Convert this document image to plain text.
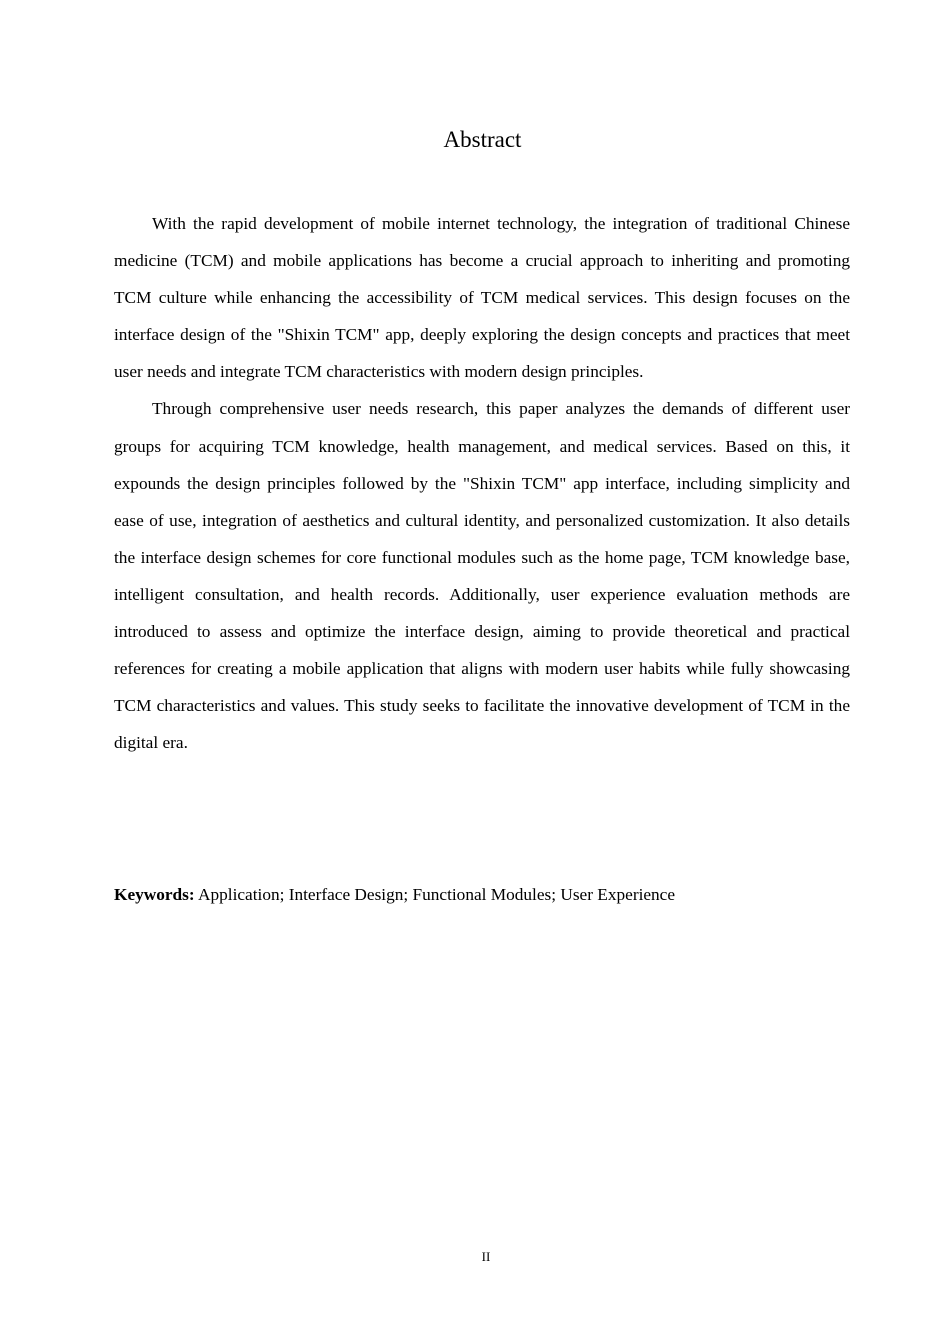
Abstract

With the rapid development of mobile internet technology, the integration of traditional Chinese medicine (TCM) and mobile applications has become a crucial approach to inheriting and promoting TCM culture while enhancing the accessibility of TCM medical services. This design focuses on the interface design of the "Shixin TCM" app, deeply exploring the design concepts and practices that meet user needs and integrate TCM characteristics with modern design principles.

Through comprehensive user needs research, this paper analyzes the demands of different user groups for acquiring TCM knowledge, health management, and medical services. Based on this, it expounds the design principles followed by the "Shixin TCM" app interface, including simplicity and ease of use, integration of aesthetics and cultural identity, and personalized customization. It also details the interface design schemes for core functional modules such as the home page, TCM knowledge base, intelligent consultation, and health records. Additionally, user experience evaluation methods are introduced to assess and optimize the interface design, aiming to provide theoretical and practical references for creating a mobile application that aligns with modern user habits while fully showcasing TCM characteristics and values. This study seeks to facilitate the innovative development of TCM in the digital era.

Keywords: Application; Interface Design; Functional Modules; User Experience

II
